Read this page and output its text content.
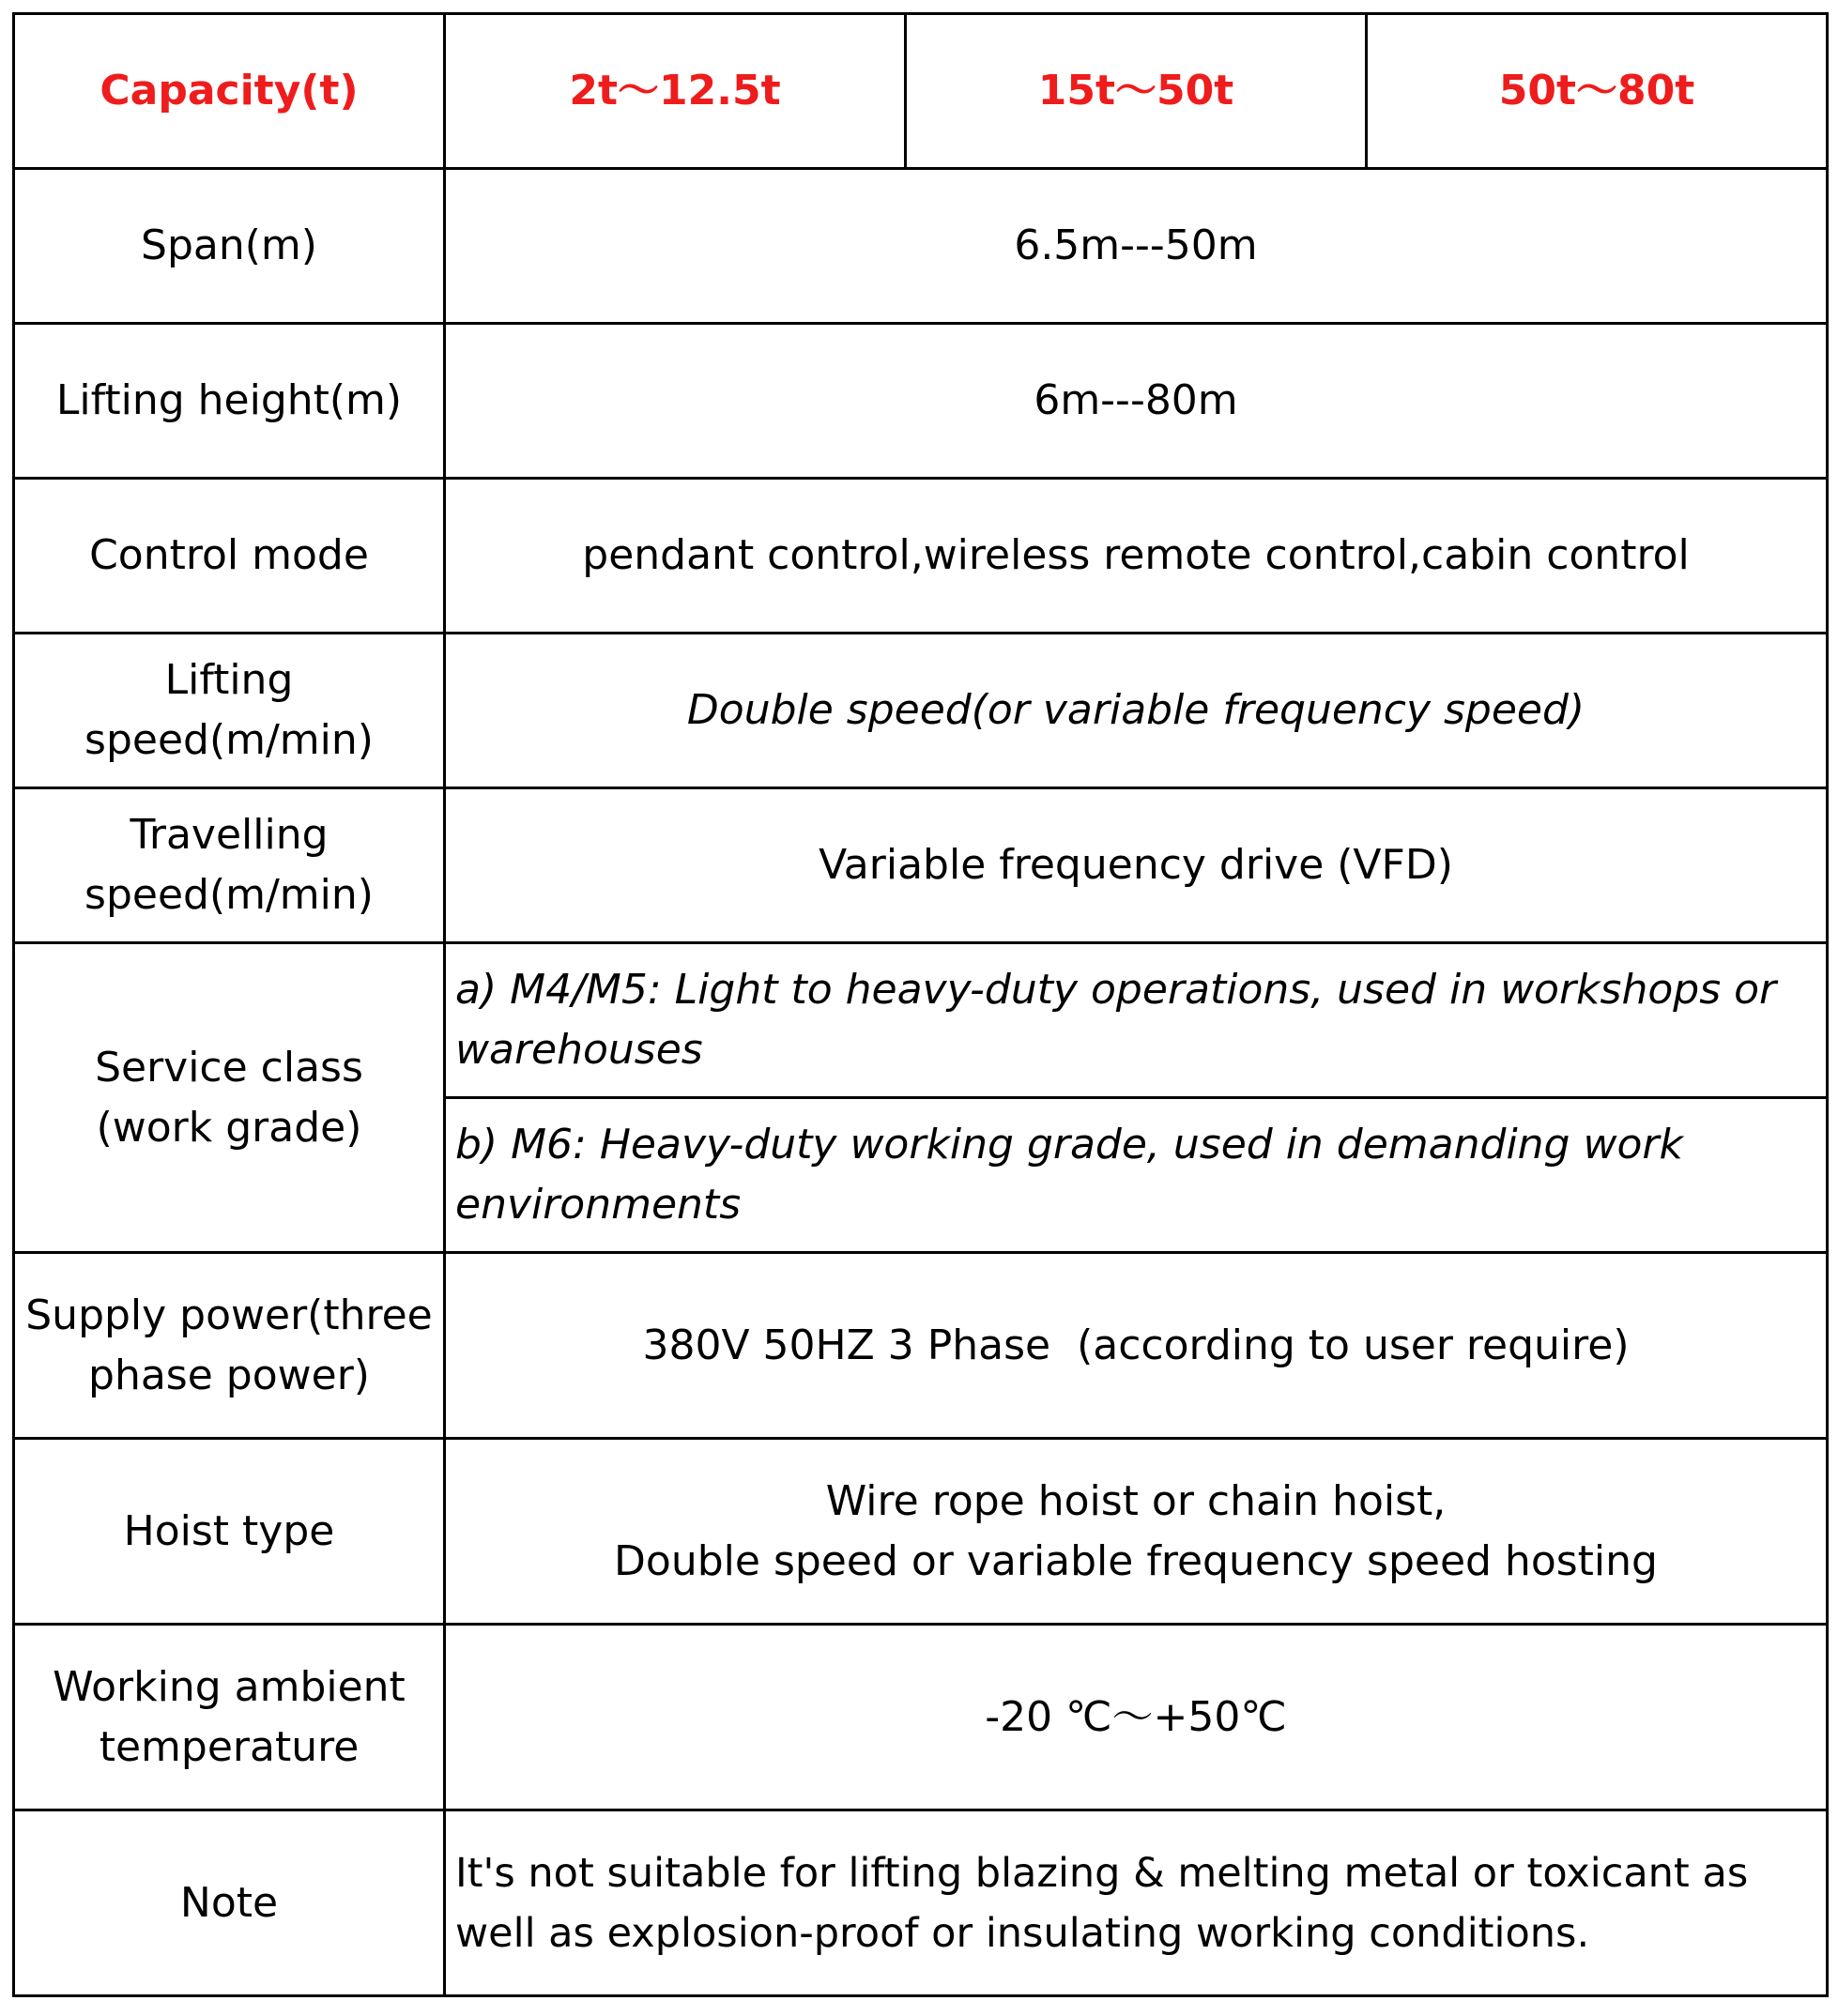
Capacity(t)	2t～12.5t	15t～50t	50t～80t
Span(m)	6.5m---50m		
Lifting height(m)	6m---80m		
Control mode	pendant control,wireless remote control,cabin control		

Lifting
speed(m/min)	Double speed(or variable frequency speed)		

Travelling
speed(m/min)	Variable frequency drive (VFD)		

Service class
(work grade)	a) M4/M5: Light to heavy-duty operations, used in workshops or warehouses		
	b) M6: Heavy-duty working grade, used in demanding work environments		

Supply power(three
phase power)	380V 50HZ 3 Phase  (according to user require)		
Hoist type	Wire rope hoist or chain hoist,
Double speed or variable frequency speed hosting		

Working ambient
temperature	-20 ℃～+50℃		
Note	It's not suitable for lifting blazing & melting metal or toxicant as well as explosion-proof or insulating working conditions.		
